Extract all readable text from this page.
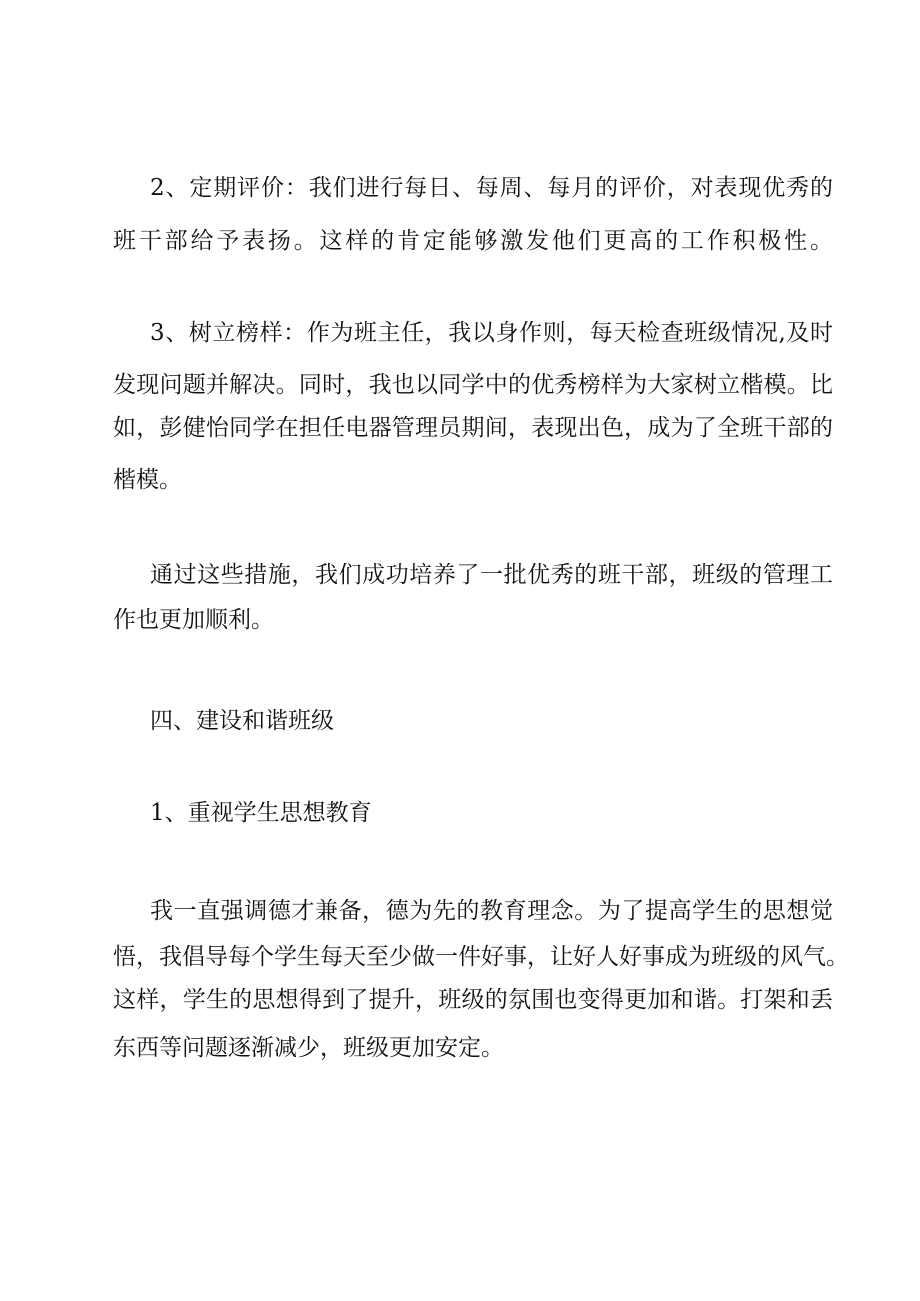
2、定期评价：我们进行每日、每周、每月的评价，对表现优秀的

班干部给予表扬。这样的肯定能够激发他们更高的工作积极性。

3、树立榜样：作为班主任，我以身作则，每天检查班级情况,及时

发现问题并解决。同时，我也以同学中的优秀榜样为大家树立楷模。比

如，彭健怡同学在担任电器管理员期间，表现出色，成为了全班干部的

楷模。

通过这些措施，我们成功培养了一批优秀的班干部，班级的管理工

作也更加顺利。

四、建设和谐班级

1、重视学生思想教育

我一直强调德才兼备，德为先的教育理念。为了提高学生的思想觉

悟，我倡导每个学生每天至少做一件好事，让好人好事成为班级的风气。

这样，学生的思想得到了提升，班级的氛围也变得更加和谐。打架和丢

东西等问题逐渐减少，班级更加安定。
